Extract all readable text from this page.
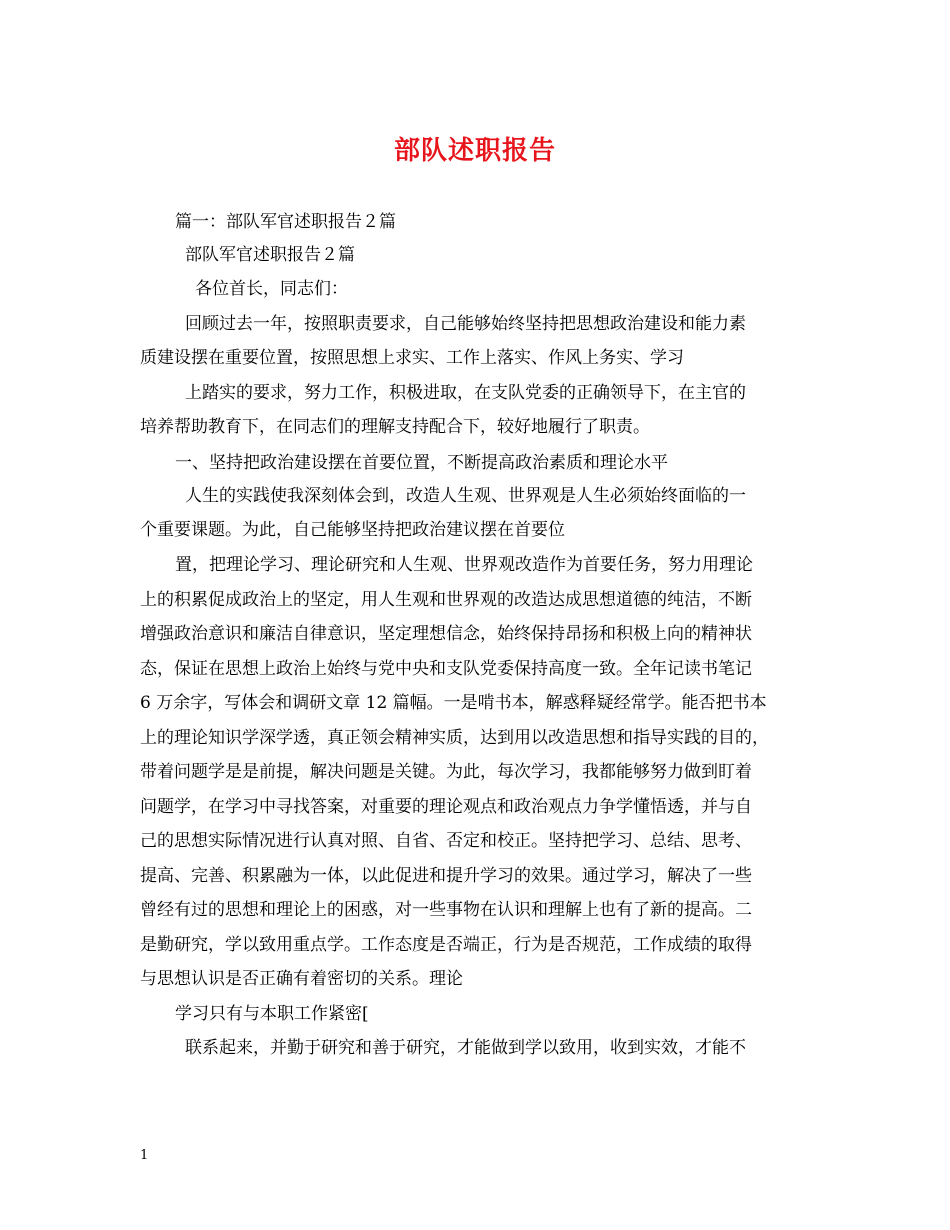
部队述职报告
篇一：部队军官述职报告２篇
部队军官述职报告２篇
各位首长，同志们：
回顾过去一年，按照职责要求，自己能够始终坚持把思想政治建设和能力素
质建设摆在重要位置，按照思想上求实、工作上落实、作风上务实、学习
上踏实的要求，努力工作，积极进取，在支队党委的正确领导下，在主官的
培养帮助教育下，在同志们的理解支持配合下，较好地履行了职责。
一、坚持把政治建设摆在首要位置，不断提高政治素质和理论水平
人生的实践使我深刻体会到，改造人生观、世界观是人生必须始终面临的一
个重要课题。为此，自己能够坚持把政治建议摆在首要位
置，把理论学习、理论研究和人生观、世界观改造作为首要任务，努力用理论
上的积累促成政治上的坚定，用人生观和世界观的改造达成思想道德的纯洁，不断
增强政治意识和廉洁自律意识，坚定理想信念，始终保持昂扬和积极上向的精神状
态，保证在思想上政治上始终与党中央和支队党委保持高度一致。全年记读书笔记
6 万余字，写体会和调研文章 12 篇幅。一是啃书本，解惑释疑经常学。能否把书本
上的理论知识学深学透，真正领会精神实质，达到用以改造思想和指导实践的目的，
带着问题学是是前提，解决问题是关键。为此，每次学习，我都能够努力做到盯着
问题学，在学习中寻找答案，对重要的理论观点和政治观点力争学懂悟透，并与自
己的思想实际情况进行认真对照、自省、否定和校正。坚持把学习、总结、思考、
提高、完善、积累融为一体，以此促进和提升学习的效果。通过学习，解决了一些
曾经有过的思想和理论上的困惑，对一些事物在认识和理解上也有了新的提高。二
是勤研究，学以致用重点学。工作态度是否端正，行为是否规范，工作成绩的取得
与思想认识是否正确有着密切的关系。理论
学习只有与本职工作紧密[
联系起来，并勤于研究和善于研究，才能做到学以致用，收到实效，才能不
1
